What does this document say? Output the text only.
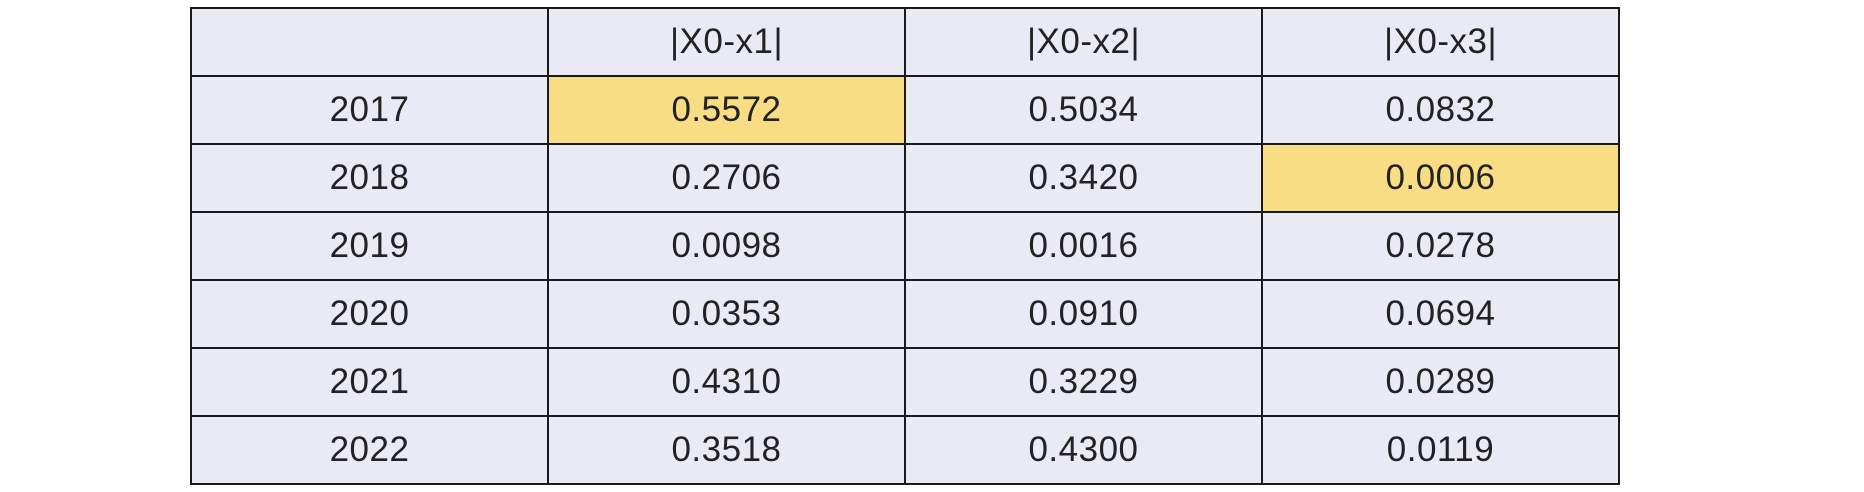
	|X0-x1|	|X0-x2|	|X0-x3|
2017	0.5572	0.5034	0.0832
2018	0.2706	0.3420	0.0006
2019	0.0098	0.0016	0.0278
2020	0.0353	0.0910	0.0694
2021	0.4310	0.3229	0.0289
2022	0.3518	0.4300	0.0119
